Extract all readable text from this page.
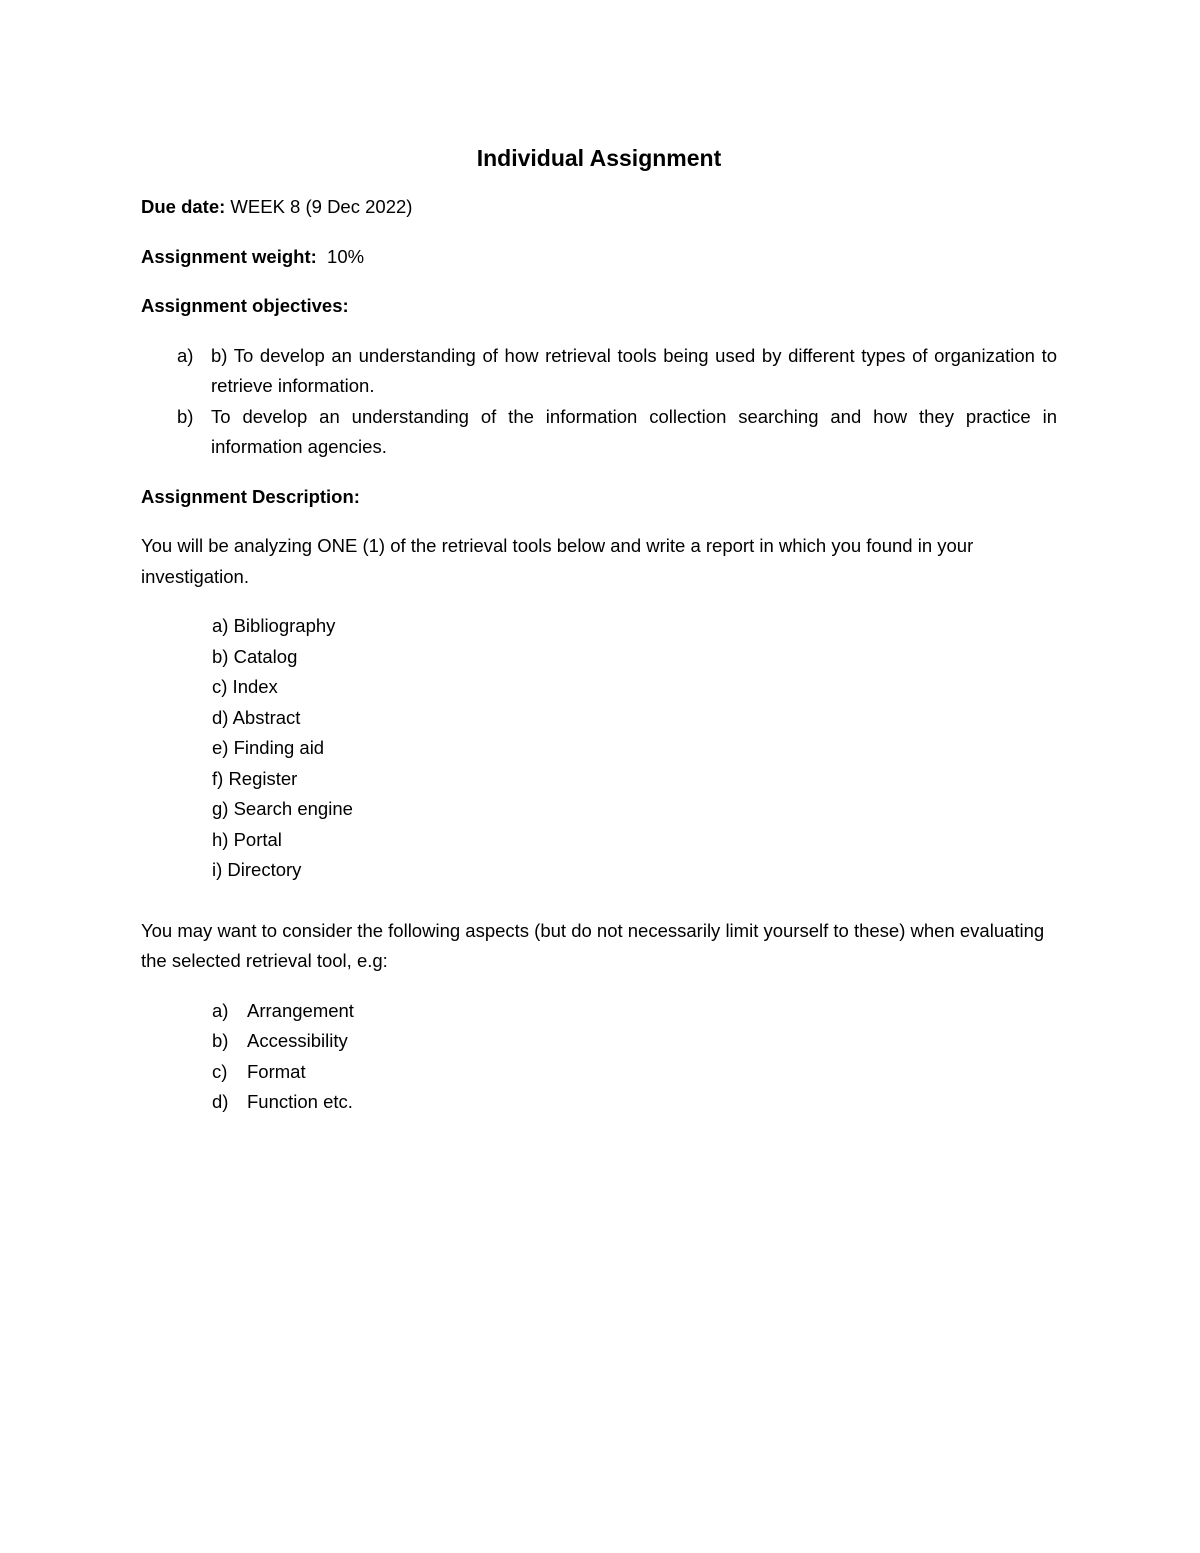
Individual Assignment
Due date: WEEK 8 (9 Dec 2022)
Assignment weight:  10%
Assignment objectives:
a) b) To develop an understanding of how retrieval tools being used by different types of organization to retrieve information.
b) To develop an understanding of the information collection searching and how they practice in information agencies.
Assignment Description:
You will be analyzing ONE (1) of the retrieval tools below and write a report in which you found in your investigation.
a) Bibliography
b) Catalog
c) Index
d) Abstract
e) Finding aid
f) Register
g) Search engine
h) Portal
i) Directory
You may want to consider the following aspects (but do not necessarily limit yourself to these) when evaluating the selected retrieval tool, e.g:
a) Arrangement
b) Accessibility
c) Format
d) Function etc.
